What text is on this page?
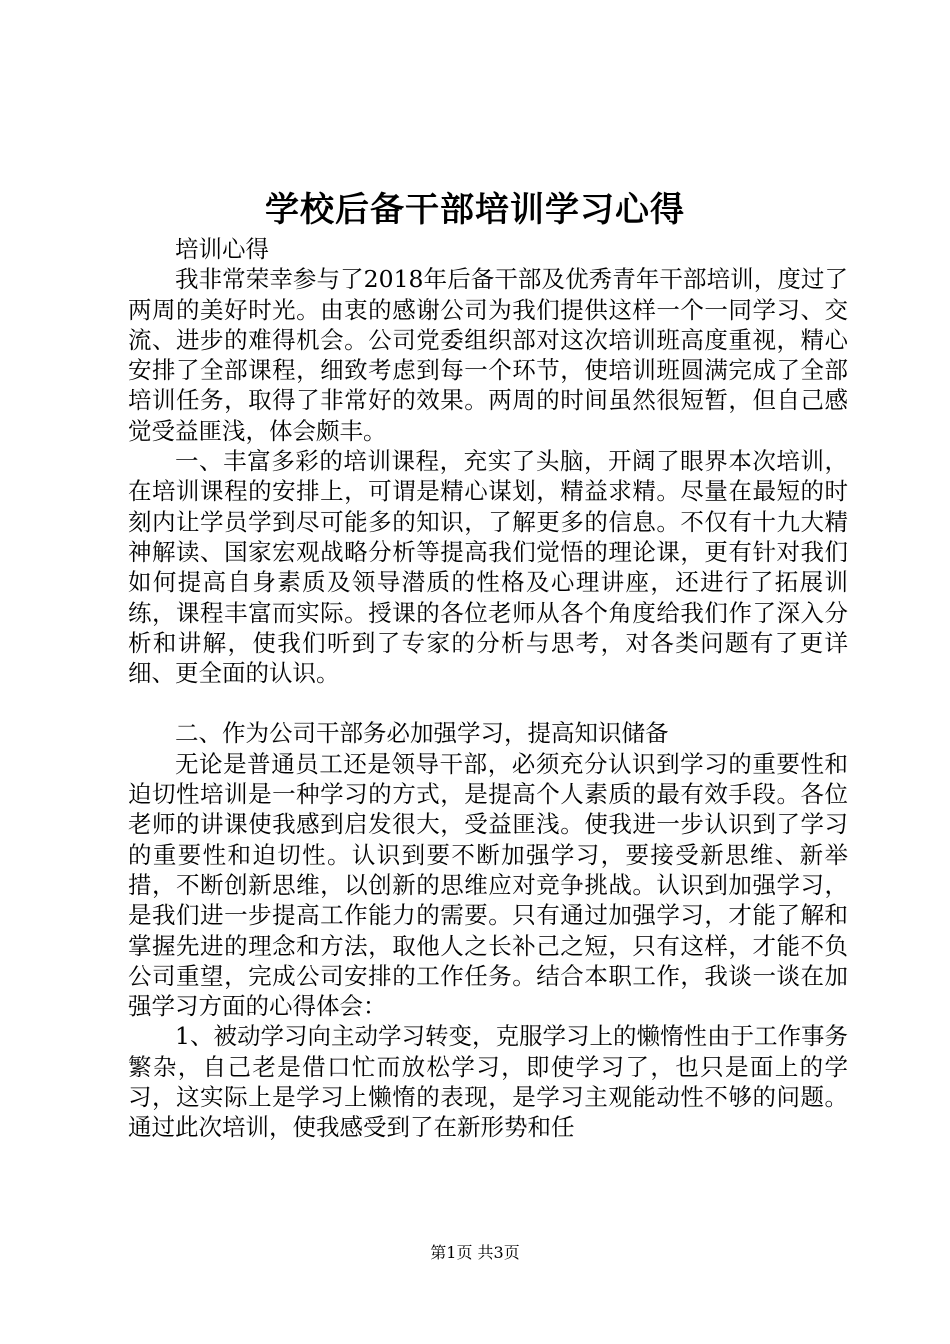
学校后备干部培训学习心得

培训心得

我非常荣幸参与了2018年后备干部及优秀青年干部培训，度过了两周的美好时光。由衷的感谢公司为我们提供这样一个一同学习、交流、进步的难得机会。公司党委组织部对这次培训班高度重视，精心安排了全部课程，细致考虑到每一个环节，使培训班圆满完成了全部培训任务，取得了非常好的效果。两周的时间虽然很短暂，但自己感觉受益匪浅，体会颇丰。

一、丰富多彩的培训课程，充实了头脑，开阔了眼界本次培训，在培训课程的安排上，可谓是精心谋划，精益求精。尽量在最短的时刻内让学员学到尽可能多的知识，了解更多的信息。不仅有十九大精神解读、国家宏观战略分析等提高我们觉悟的理论课，更有针对我们如何提高自身素质及领导潜质的性格及心理讲座，还进行了拓展训练，课程丰富而实际。授课的各位老师从各个角度给我们作了深入分析和讲解，使我们听到了专家的分析与思考，对各类问题有了更详细、更全面的认识。

二、作为公司干部务必加强学习，提高知识储备

无论是普通员工还是领导干部，必须充分认识到学习的重要性和迫切性培训是一种学习的方式，是提高个人素质的最有效手段。各位老师的讲课使我感到启发很大，受益匪浅。使我进一步认识到了学习的重要性和迫切性。认识到要不断加强学习，要接受新思维、新举措，不断创新思维，以创新的思维应对竞争挑战。认识到加强学习，是我们进一步提高工作能力的需要。只有通过加强学习，才能了解和掌握先进的理念和方法，取他人之长补己之短，只有这样，才能不负公司重望，完成公司安排的工作任务。结合本职工作，我谈一谈在加强学习方面的心得体会：

1、被动学习向主动学习转变，克服学习上的懒惰性由于工作事务繁杂，自己老是借口忙而放松学习，即使学习了，也只是面上的学习，这实际上是学习上懒惰的表现，是学习主观能动性不够的问题。通过此次培训，使我感受到了在新形势和任

第1页 共3页
